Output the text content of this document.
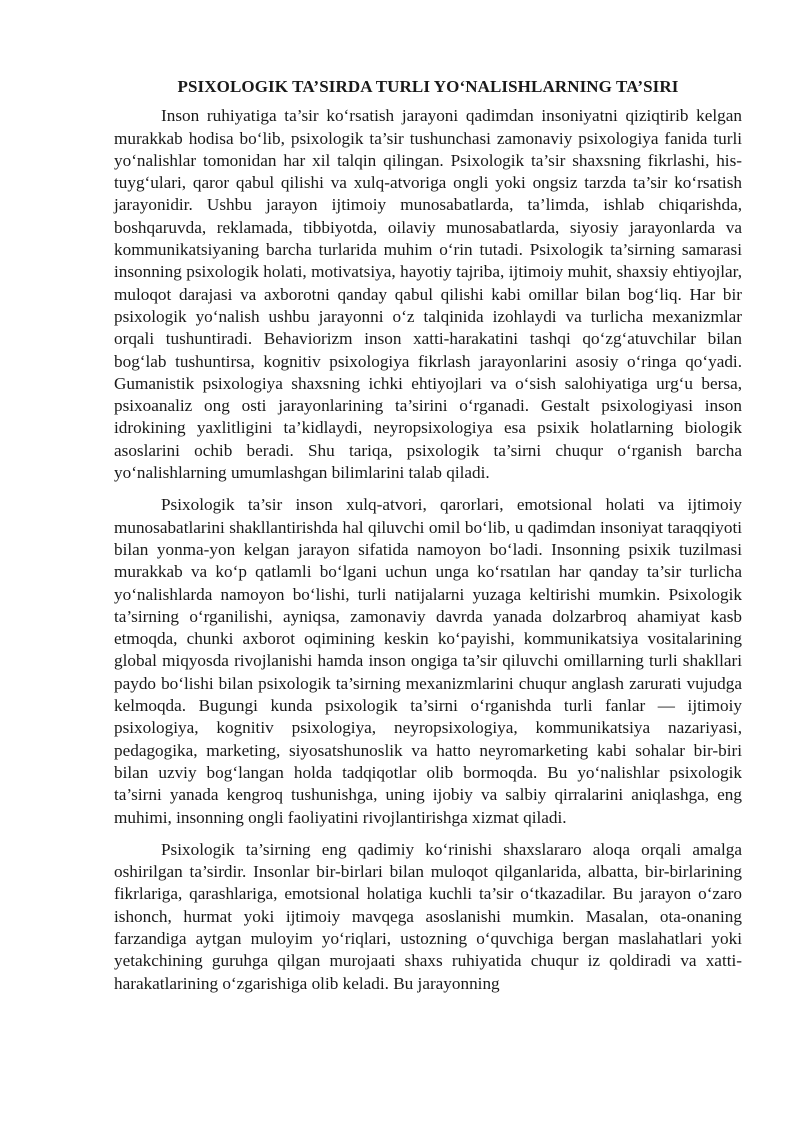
PSIXOLOGIK TA’SIRDA TURLI YO‘NALISHLARNING TA’SIRI
Inson ruhiyatiga ta’sir ko‘rsatish jarayoni qadimdan insoniyatni qiziqtirib kelgan murakkab hodisa bo‘lib, psixologik ta’sir tushunchasi zamonaviy psixologiya fanida turli yo‘nalishlar tomonidan har xil talqin qilingan. Psixologik ta’sir shaxsning fikrlashi, his-tuyg‘ulari, qaror qabul qilishi va xulq-atvoriga ongli yoki ongsiz tarzda ta’sir ko‘rsatish jarayonidir. Ushbu jarayon ijtimoiy munosabatlarda, ta’limda, ishlab chiqarishda, boshqaruvda, reklamada, tibbiyotda, oilaviy munosabatlarda, siyosiy jarayonlarda va kommunikatsiyaning barcha turlarida muhim o‘rin tutadi. Psixologik ta’sirning samarasi insonning psixologik holati, motivatsiya, hayotiy tajriba, ijtimoiy muhit, shaxsiy ehtiyojlar, muloqot darajasi va axborotni qanday qabul qilishi kabi omillar bilan bog‘liq. Har bir psixologik yo‘nalish ushbu jarayonni o‘z talqinida izohlaydi va turlicha mexanizmlar orqali tushuntiradi. Behaviorizm inson xatti-harakatini tashqi qo‘zg‘atuvchilar bilan bog‘lab tushuntirsa, kognitiv psixologiya fikrlash jarayonlarini asosiy o‘ringa qo‘yadi. Gumanistik psixologiya shaxsning ichki ehtiyojlari va o‘sish salohiyatiga urg‘u bersa, psixoanaliz ong osti jarayonlarining ta’sirini o‘rganadi. Gestalt psixologiyasi inson idrokining yaxlitligini ta’kidlaydi, neyropsixologiya esa psixik holatlarning biologik asoslarini ochib beradi. Shu tariqa, psixologik ta’sirni chuqur o‘rganish barcha yo‘nalishlarning umumlashgan bilimlarini talab qiladi.
Psixologik ta’sir inson xulq-atvori, qarorlari, emotsional holati va ijtimoiy munosabatlarini shakllantirishda hal qiluvchi omil bo‘lib, u qadimdan insoniyat taraqqiyoti bilan yonma-yon kelgan jarayon sifatida namoyon bo‘ladi. Insonning psixik tuzilmasi murakkab va ko‘p qatlamli bo‘lgani uchun unga ko‘rsatılan har qanday ta’sir turlicha yo‘nalishlarda namoyon bo‘lishi, turli natijalarni yuzaga keltirishi mumkin. Psixologik ta’sirning o‘rganilishi, ayniqsa, zamonaviy davrda yanada dolzarbroq ahamiyat kasb etmoqda, chunki axborot oqimining keskin ko‘payishi, kommunikatsiya vositalarining global miqyosda rivojlanishi hamda inson ongiga ta’sir qiluvchi omillarning turli shakllari paydo bo‘lishi bilan psixologik ta’sirning mexanizmlarini chuqur anglash zarurati vujudga kelmoqda. Bugungi kunda psixologik ta’sirni o‘rganishda turli fanlar — ijtimoiy psixologiya, kognitiv psixologiya, neyropsixologiya, kommunikatsiya nazariyasi, pedagogika, marketing, siyosatshunoslik va hatto neyromarketing kabi sohalar bir-biri bilan uzviy bog‘langan holda tadqiqotlar olib bormoqda. Bu yo‘nalishlar psixologik ta’sirni yanada kengroq tushunishga, uning ijobiy va salbiy qirralarini aniqlashga, eng muhimi, insonning ongli faoliyatini rivojlantirishga xizmat qiladi.
Psixologik ta’sirning eng qadimiy ko‘rinishi shaxslararo aloqa orqali amalga oshirilgan ta’sirdir. Insonlar bir-birlari bilan muloqot qilganlarida, albatta, bir-birlarining fikrlariga, qarashlariga, emotsional holatiga kuchli ta’sir o‘tkazadilar. Bu jarayon o‘zaro ishonch, hurmat yoki ijtimoiy mavqega asoslanishi mumkin. Masalan, ota-onaning farzandiga aytgan muloyim yo‘riqlari, ustozning o‘quvchiga bergan maslahatlari yoki yetakchining guruhga qilgan murojaati shaxs ruhiyatida chuqur iz qoldiradi va xatti-harakatlarining o‘zgarishiga olib keladi. Bu jarayonning
